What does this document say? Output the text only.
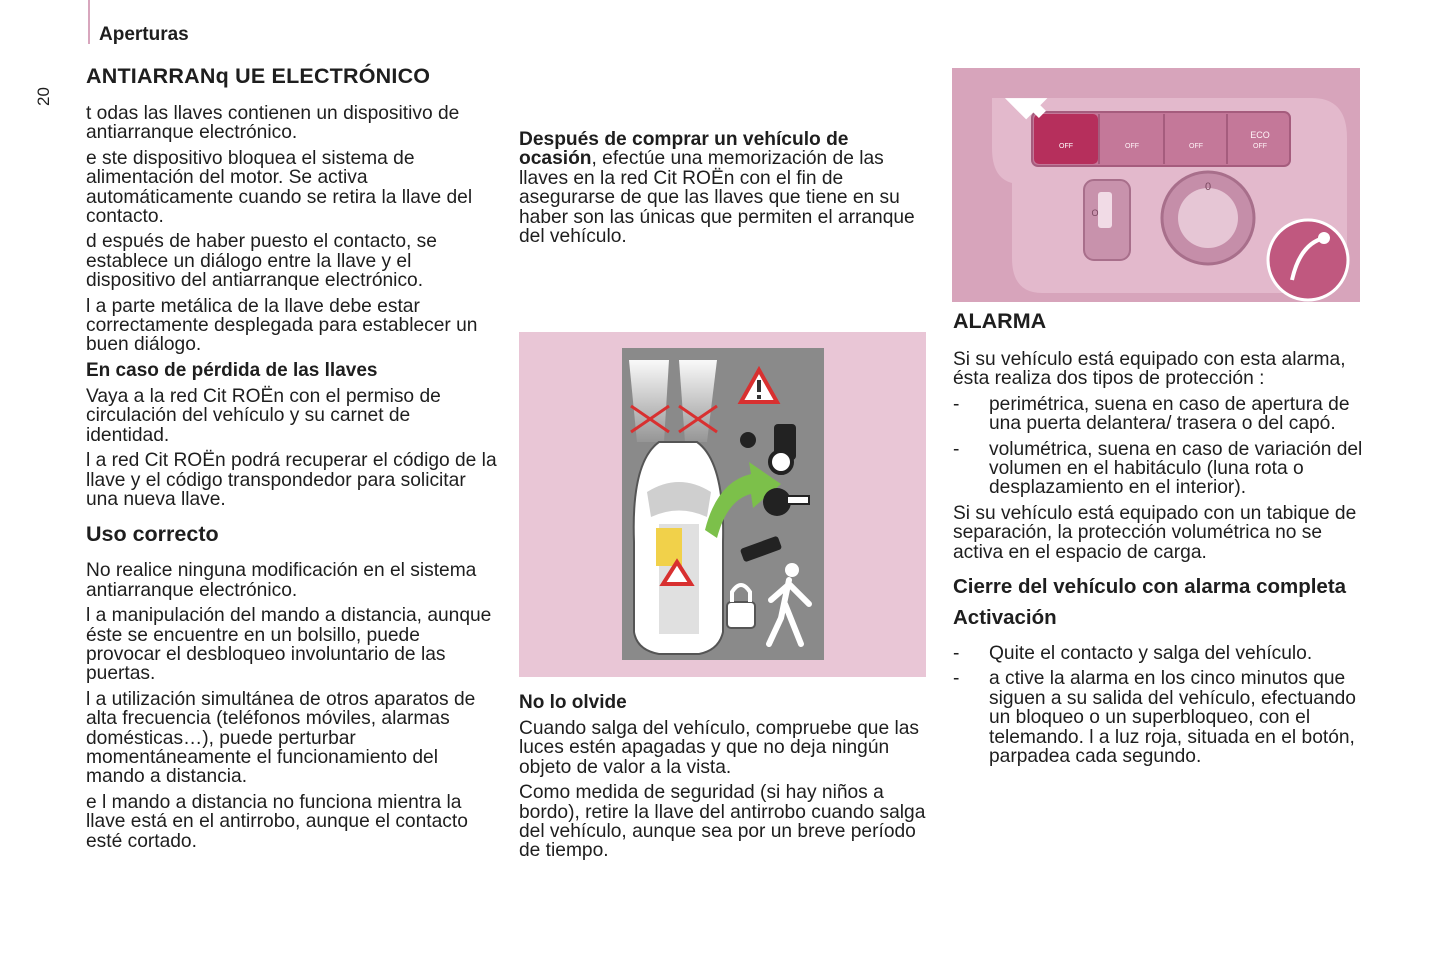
Aperturas
20
ANTIARRANq UE ELECTRÓNICO

t odas las llaves contienen un dispositivo de antiarranque electrónico.

e ste dispositivo bloquea el sistema de alimentación del motor. Se activa automáticamente cuando se retira la llave del contacto.

d espués de haber puesto el contacto, se establece un diálogo entre la llave y el dispositivo del antiarranque electrónico.

l a parte metálica de la llave debe estar correctamente desplegada para establecer un buen diálogo.

En caso de pérdida de las llaves

Vaya a la red Cit ROËn con el permiso de circulación del vehículo y su carnet de identidad.

l a red Cit ROËn podrá recuperar el código de la llave y el código transpondedor para solicitar una nueva llave.

Uso correcto

No realice ninguna modificación en el sistema antiarranque electrónico.

l a manipulación del mando a distancia, aunque éste se encuentre en un bolsillo, puede provocar el desbloqueo involuntario de las puertas.

l a utilización simultánea de otros aparatos de alta frecuencia (teléfonos móviles, alarmas domésticas…), puede perturbar momentáneamente el funcionamiento del mando a distancia.

e l mando a distancia no funciona mientra la llave está en el antirrobo, aunque el contacto esté cortado.

Después de comprar un vehículo de ocasión, efectúe una memorización de las llaves en la red Cit ROËn con el fin de asegurarse de que las llaves que tiene en su haber son las únicas que permiten el arranque del vehículo.

No lo olvide

Cuando salga del vehículo, compruebe que las luces estén apagadas y que no deja ningún objeto de valor a la vista.

Como medida de seguridad (si hay niños a bordo), retire la llave del antirrobo cuando salga del vehículo, aunque sea por un breve período de tiempo.

OFF	OFF	OFF
ECO
OFF
O
0
ALARMA

Si su vehículo está equipado con esta alarma, ésta realiza dos tipos de protección :

-	perimétrica, suena en caso de apertura de una puerta delantera/ trasera o del capó.
-	volumétrica, suena en caso de variación del volumen en el habitáculo (luna rota o desplazamiento en el interior).

Si su vehículo está equipado con un tabique de separación, la protección volumétrica no se activa en el espacio de carga.

Cierre del vehículo con alarma completa
Activación
-	Quite el contacto y salga del vehículo.
-	a ctive la alarma en los cinco minutos que siguen a su salida del vehículo, efectuando un bloqueo o un superbloqueo, con el telemando. l a luz roja, situada en el botón, parpadea cada segundo.
